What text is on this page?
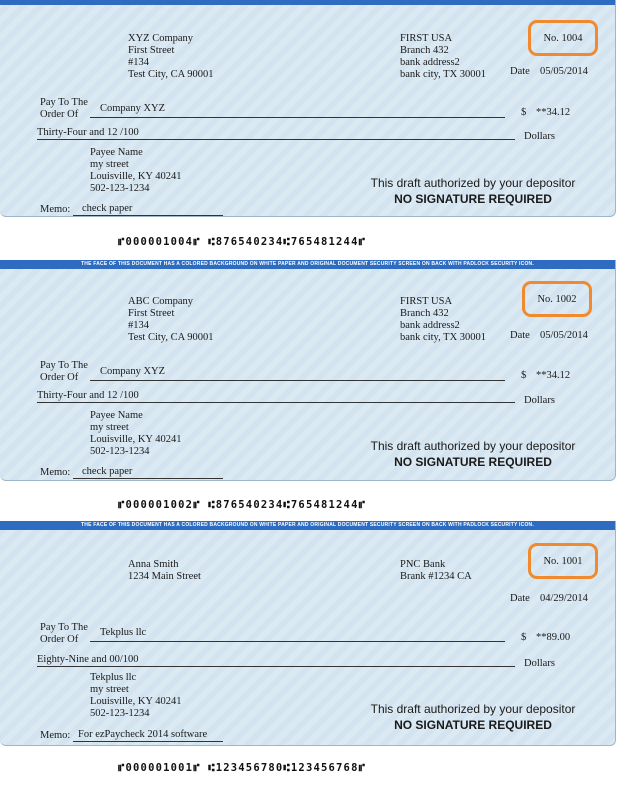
XYZ Company
First Street
#134
Test City, CA 90001
FIRST USA
Branch 432
bank address2
bank city, TX 30001
No. 1004
Date 05/05/2014
Pay To The
Order Of
Company XYZ	$ **34.12
Thirty-Four and 12 /100	Dollars
Payee Name
my street
Louisville, KY 40241
502-123-1234	This draft authorized by your depositor
NO SIGNATURE REQUIRED
Memo: check paper
⑈000001004⑈ ⑆876540234⑆765481244⑈
THE FACE OF THIS DOCUMENT HAS A COLORED BACKGROUND ON WHITE PAPER AND ORIGINAL DOCUMENT SECURITY SCREEN ON BACK WITH PADLOCK SECURITY ICON.
ABC Company
First Street
#134
Test City, CA 90001
FIRST USA
Branch 432
bank address2
bank city, TX 30001
No. 1002
Date 05/05/2014
Pay To The
Order Of
Company XYZ	$ **34.12
Thirty-Four and 12 /100	Dollars
Payee Name
my street
Louisville, KY 40241
502-123-1234	This draft authorized by your depositor
NO SIGNATURE REQUIRED
Memo: check paper
⑈000001002⑈ ⑆876540234⑆765481244⑈
THE FACE OF THIS DOCUMENT HAS A COLORED BACKGROUND ON WHITE PAPER AND ORIGINAL DOCUMENT SECURITY SCREEN ON BACK WITH PADLOCK SECURITY ICON.
Anna Smith
1234 Main Street
PNC Bank
Brank #1234 CA
No. 1001
Date 04/29/2014
Pay To The
Order Of
Tekplus llc	$ **89.00
Eighty-Nine and 00/100	Dollars
Tekplus llc
my street
Louisville, KY 40241
502-123-1234	This draft authorized by your depositor
NO SIGNATURE REQUIRED
Memo: For ezPaycheck 2014 software
⑈000001001⑈ ⑆123456780⑆123456768⑈
